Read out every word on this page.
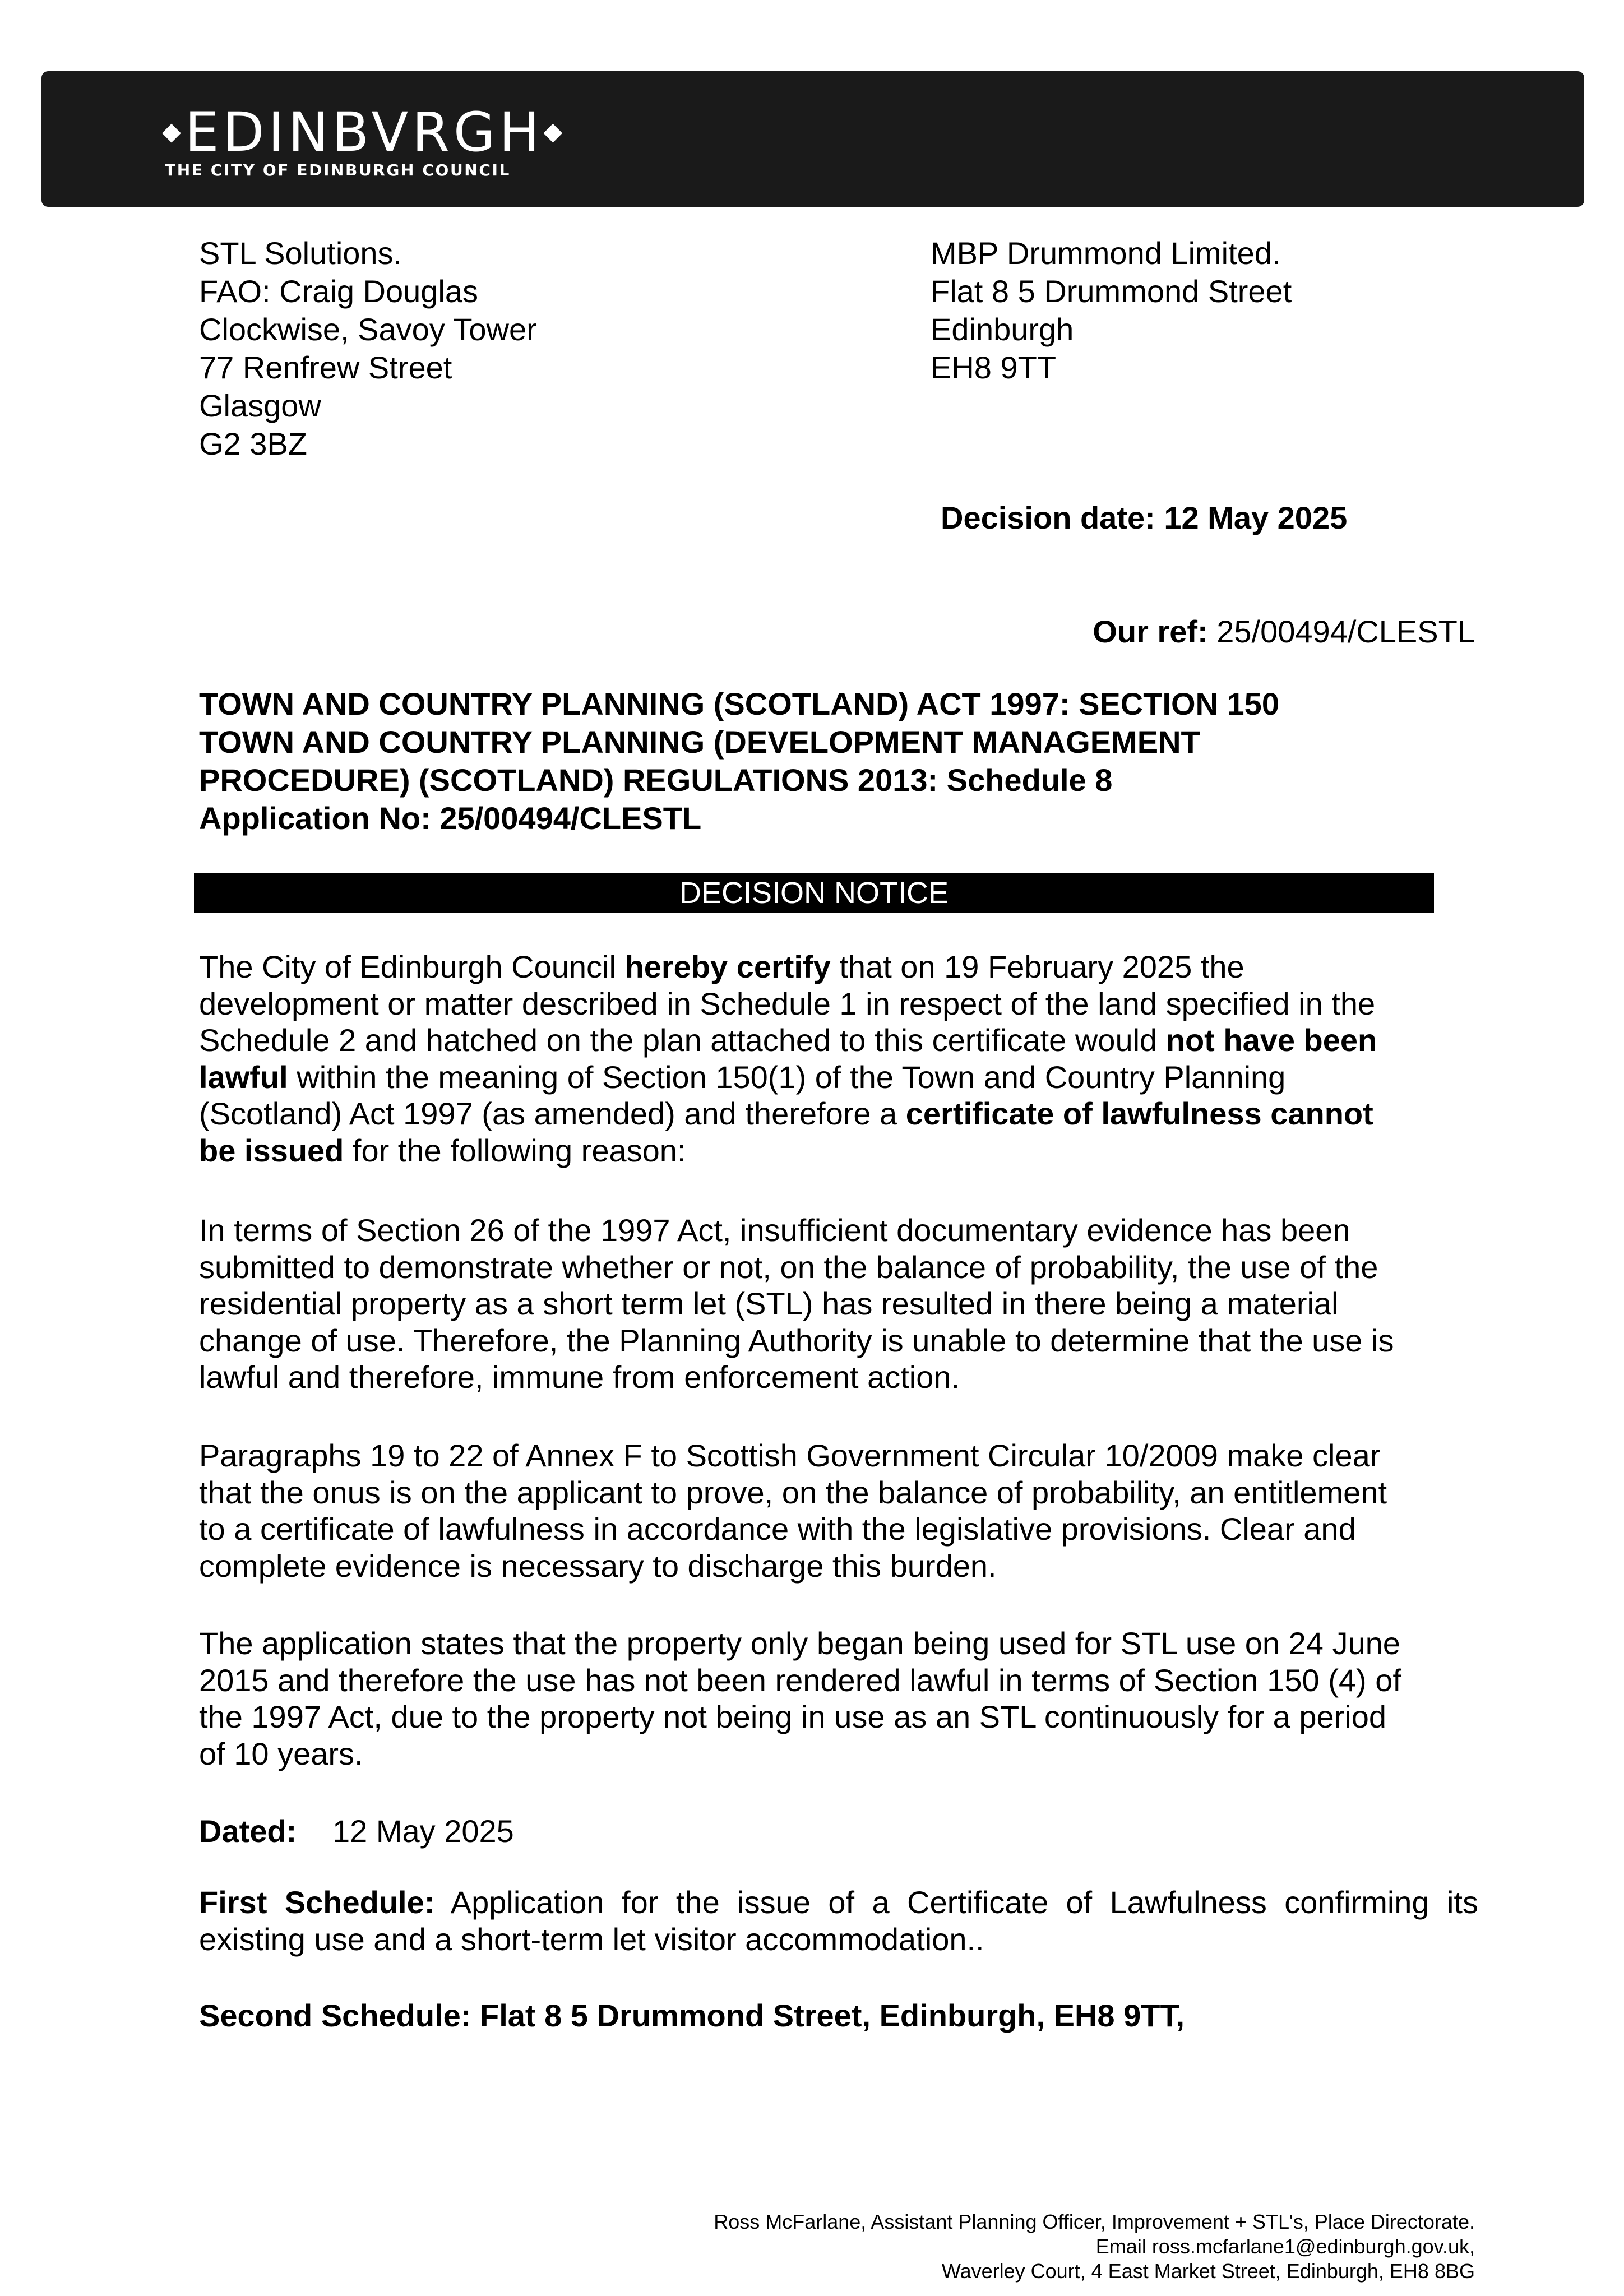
◆EDINBVRGH◆
THE CITY OF EDINBURGH COUNCIL
STL Solutions.
FAO: Craig Douglas
Clockwise, Savoy Tower
77 Renfrew Street
Glasgow
G2 3BZ
MBP Drummond Limited.
Flat 8 5 Drummond Street
Edinburgh
EH8 9TT
Decision date: 12 May 2025
Our ref: 25/00494/CLESTL
TOWN AND COUNTRY PLANNING (SCOTLAND) ACT 1997: SECTION 150
TOWN AND COUNTRY PLANNING (DEVELOPMENT MANAGEMENT
PROCEDURE) (SCOTLAND) REGULATIONS 2013: Schedule 8
Application No: 25/00494/CLESTL
DECISION NOTICE
The City of Edinburgh Council hereby certify that on 19 February 2025 the
development or matter described in Schedule 1 in respect of the land specified in the
Schedule 2 and hatched on the plan attached to this certificate would not have been
lawful within the meaning of Section 150(1) of the Town and Country Planning
(Scotland) Act 1997 (as amended) and therefore a certificate of lawfulness cannot
be issued for the following reason:
In terms of Section 26 of the 1997 Act, insufficient documentary evidence has been
submitted to demonstrate whether or not, on the balance of probability, the use of the
residential property as a short term let (STL) has resulted in there being a material
change of use. Therefore, the Planning Authority is unable to determine that the use is
lawful and therefore, immune from enforcement action.
Paragraphs 19 to 22 of Annex F to Scottish Government Circular 10/2009 make clear
that the onus is on the applicant to prove, on the balance of probability, an entitlement
to a certificate of lawfulness in accordance with the legislative provisions. Clear and
complete evidence is necessary to discharge this burden.
The application states that the property only began being used for STL use on 24 June
2015 and therefore the use has not been rendered lawful in terms of Section 150 (4) of
the 1997 Act, due to the property not being in use as an STL continuously for a period
of 10 years.
Dated: 12 May 2025
First Schedule: Application for the issue of a Certificate of Lawfulness confirming its existing use and a short-term let visitor accommodation..
Second Schedule: Flat 8 5 Drummond Street, Edinburgh, EH8 9TT,
Ross McFarlane, Assistant Planning Officer, Improvement + STL's, Place Directorate.
Email ross.mcfarlane1@edinburgh.gov.uk,
Waverley Court, 4 East Market Street, Edinburgh, EH8 8BG
